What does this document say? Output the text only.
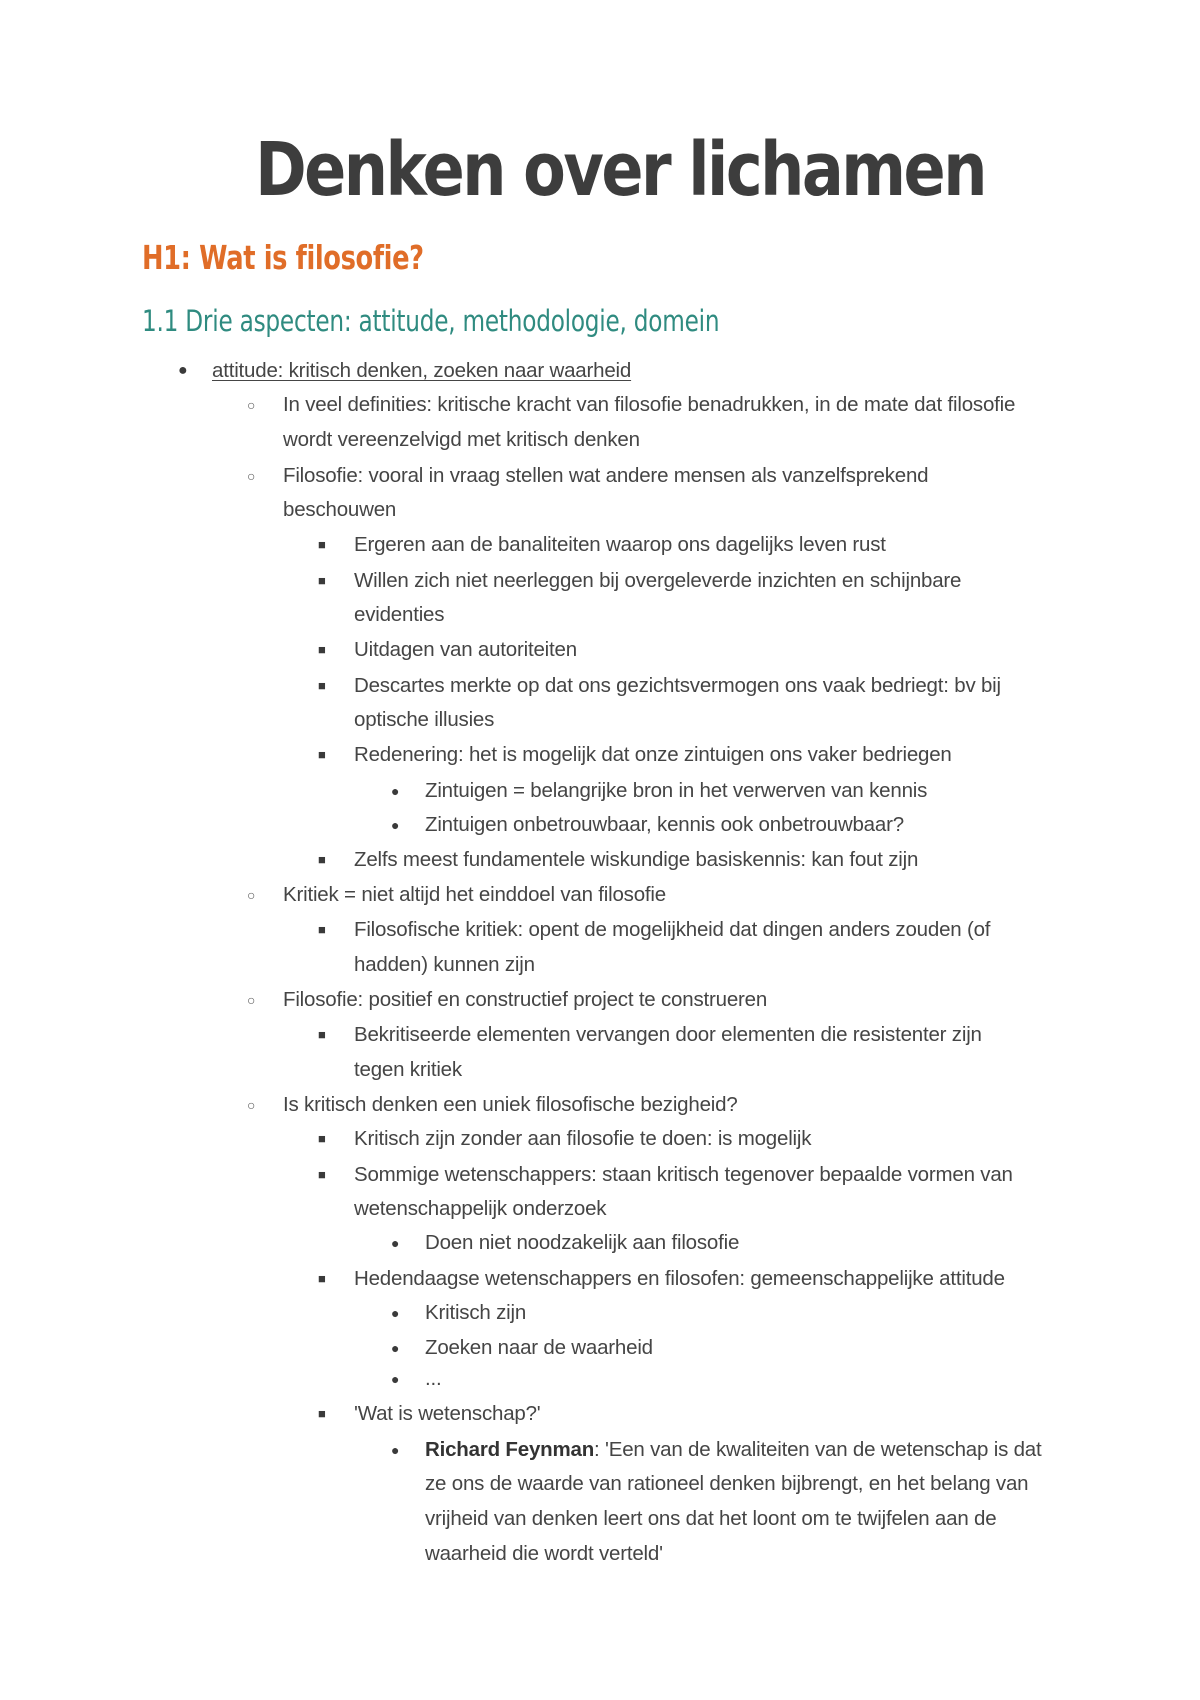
Denken over lichamen
H1: Wat is filosofie?
1.1 Drie aspecten: attitude, methodologie, domein
● attitude: kritisch denken, zoeken naar waarheid
○ In veel definities: kritische kracht van filosofie benadrukken, in de mate dat filosofie
wordt vereenzelvigd met kritisch denken
○ Filosofie: vooral in vraag stellen wat andere mensen als vanzelfsprekend
beschouwen
■ Ergeren aan de banaliteiten waarop ons dagelijks leven rust
■ Willen zich niet neerleggen bij overgeleverde inzichten en schijnbare
evidenties
■ Uitdagen van autoriteiten
■ Descartes merkte op dat ons gezichtsvermogen ons vaak bedriegt: bv bij
optische illusies
■ Redenering: het is mogelijk dat onze zintuigen ons vaker bedriegen
● Zintuigen = belangrijke bron in het verwerven van kennis
● Zintuigen onbetrouwbaar, kennis ook onbetrouwbaar?
■ Zelfs meest fundamentele wiskundige basiskennis: kan fout zijn
○ Kritiek = niet altijd het einddoel van filosofie
■ Filosofische kritiek: opent de mogelijkheid dat dingen anders zouden (of
hadden) kunnen zijn
○ Filosofie: positief en constructief project te construeren
■ Bekritiseerde elementen vervangen door elementen die resistenter zijn
tegen kritiek
○ Is kritisch denken een uniek filosofische bezigheid?
■ Kritisch zijn zonder aan filosofie te doen: is mogelijk
■ Sommige wetenschappers: staan kritisch tegenover bepaalde vormen van
wetenschappelijk onderzoek
● Doen niet noodzakelijk aan filosofie
■ Hedendaagse wetenschappers en filosofen: gemeenschappelijke attitude
● Kritisch zijn
● Zoeken naar de waarheid
● ...
■ 'Wat is wetenschap?'
● Richard Feynman: 'Een van de kwaliteiten van de wetenschap is dat
ze ons de waarde van rationeel denken bijbrengt, en het belang van
vrijheid van denken leert ons dat het loont om te twijfelen aan de
waarheid die wordt verteld'
